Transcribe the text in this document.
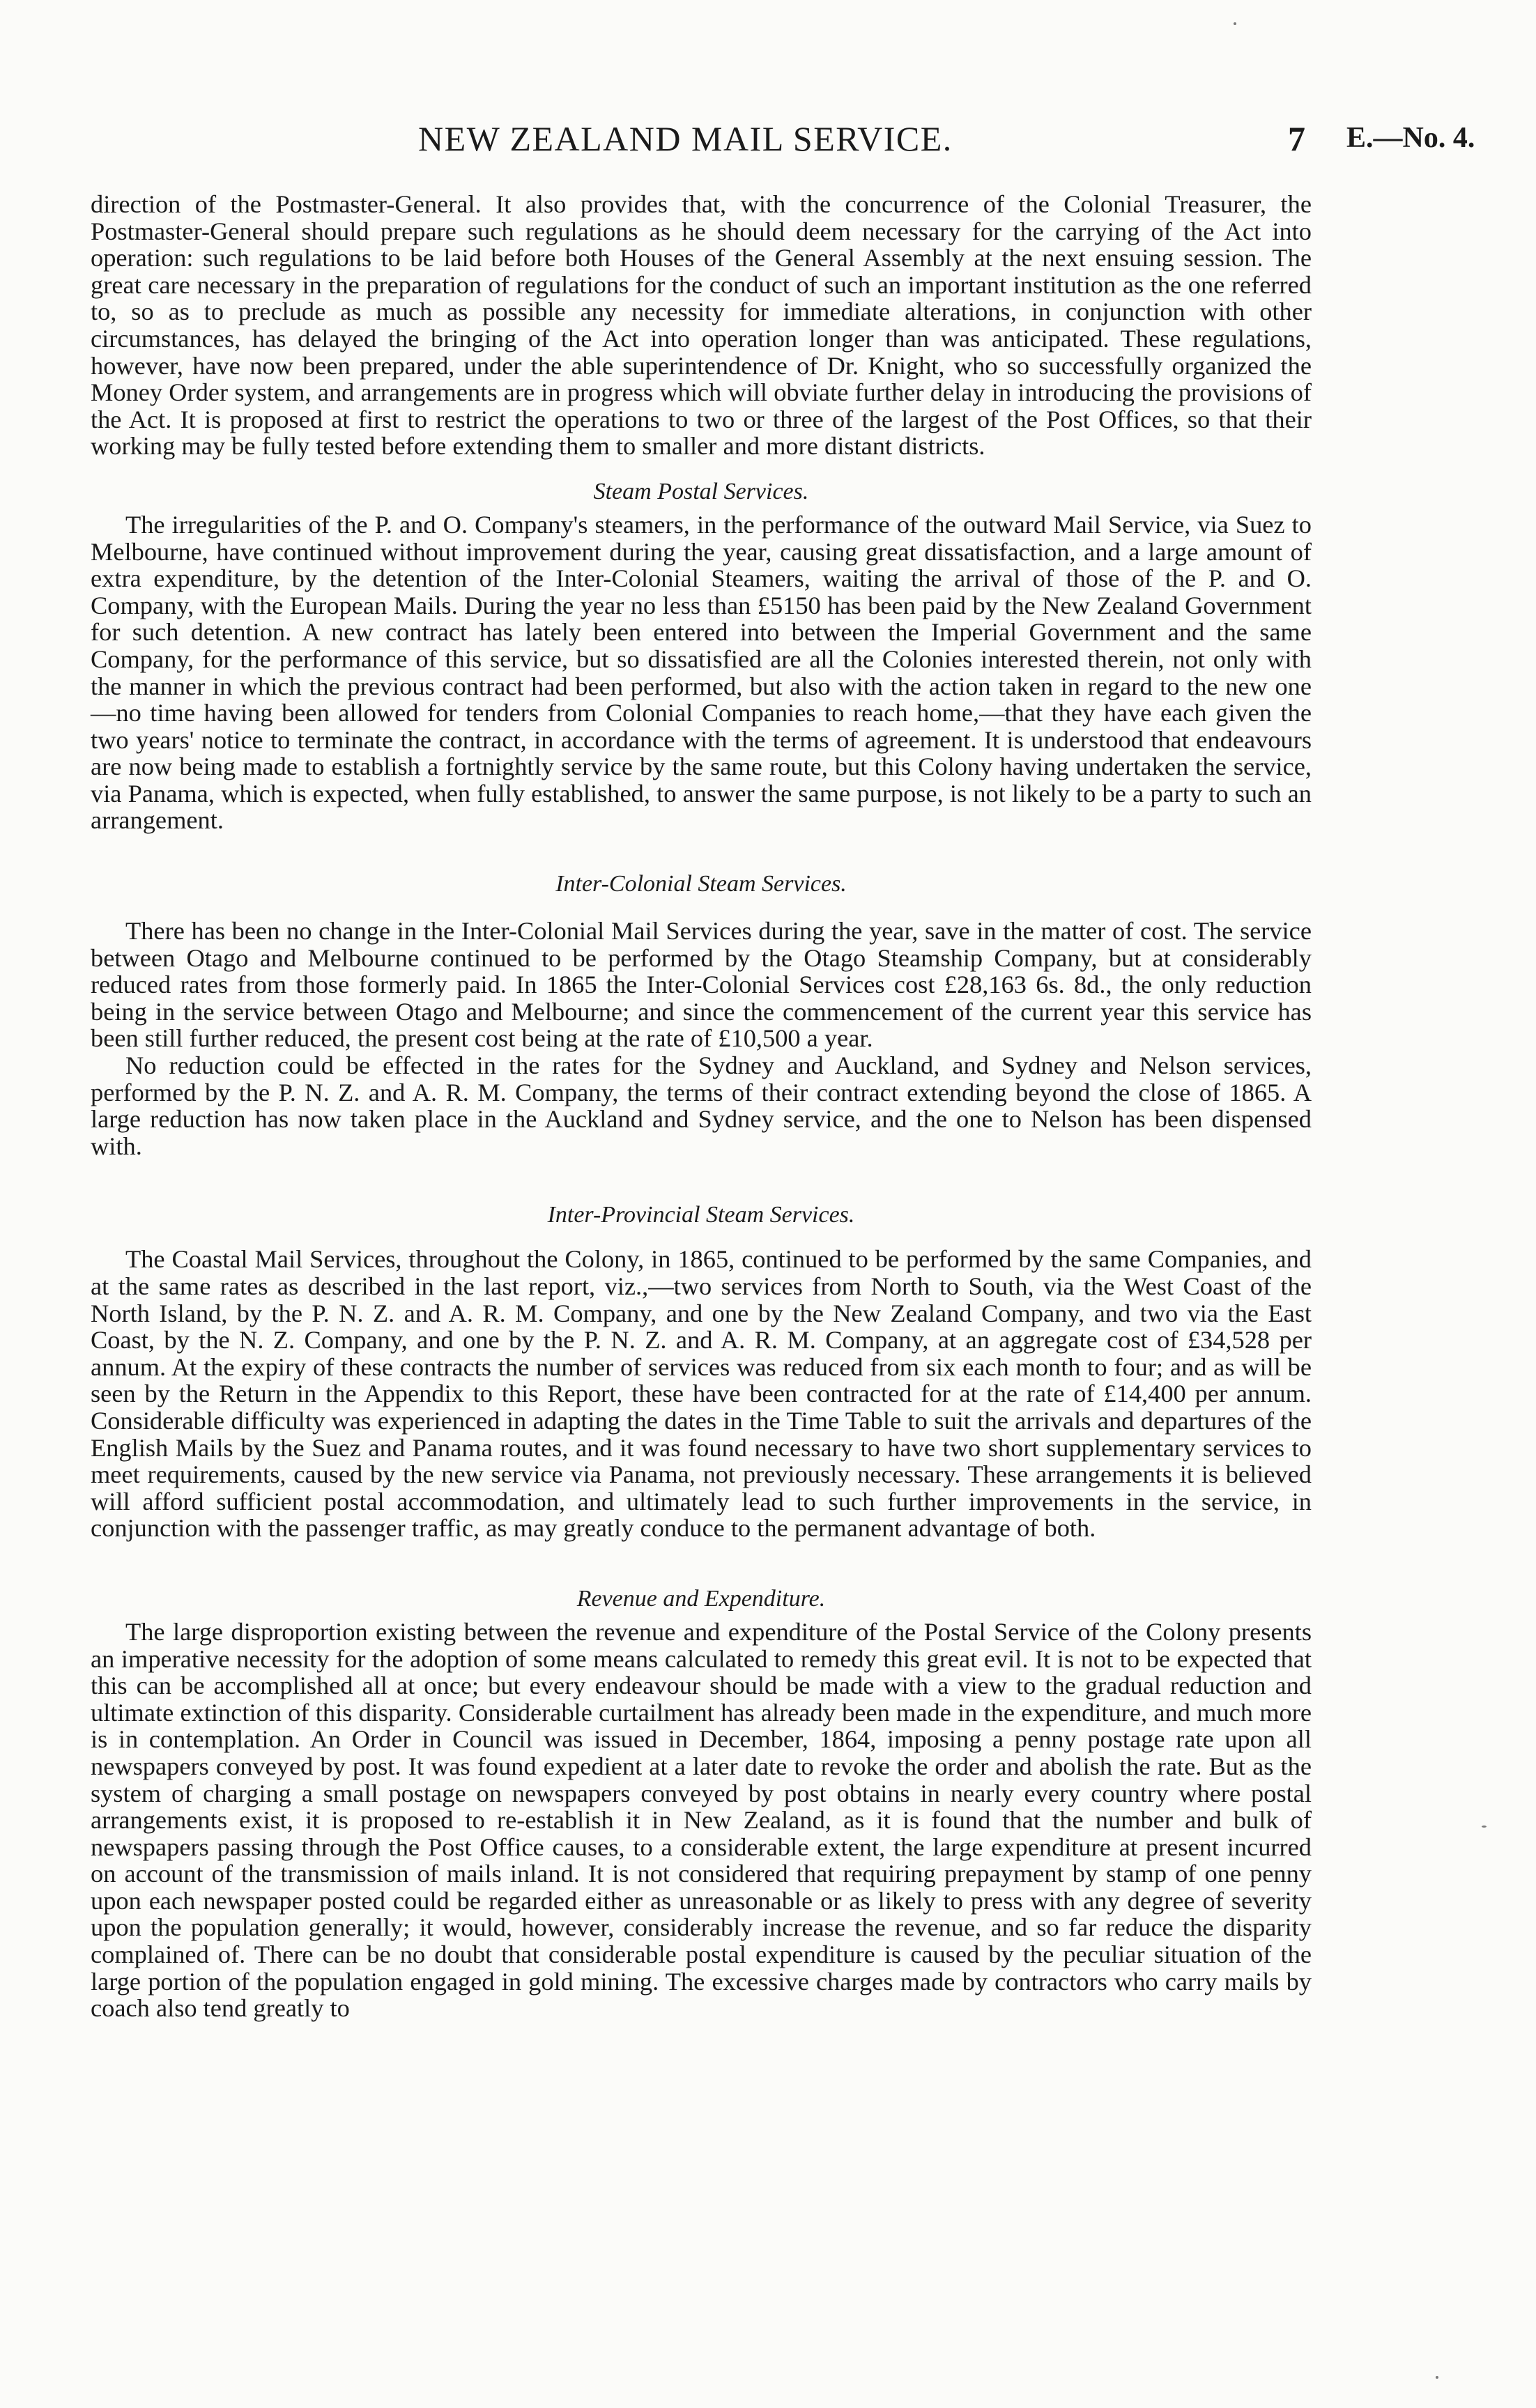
NEW ZEALAND MAIL SERVICE.	7 E.—No. 4.

direction of the Postmaster-General. It also provides that, with the concurrence of the Colonial Treasurer, the Postmaster-General should prepare such regulations as he should deem necessary for the carrying of the Act into operation: such regulations to be laid before both Houses of the General Assembly at the next ensuing session. The great care necessary in the preparation of regulations for the conduct of such an important institution as the one referred to, so as to preclude as much as possible any necessity for immediate alterations, in conjunction with other circumstances, has delayed the bringing of the Act into operation longer than was anticipated. These regulations, however, have now been prepared, under the able superintendence of Dr. Knight, who so successfully organized the Money Order system, and arrangements are in progress which will obviate further delay in introducing the provisions of the Act. It is proposed at first to restrict the operations to two or three of the largest of the Post Offices, so that their working may be fully tested before extending them to smaller and more distant districts.

Steam Postal Services.

The irregularities of the P. and O. Company's steamers, in the performance of the outward Mail Service, via Suez to Melbourne, have continued without improvement during the year, causing great dissatisfaction, and a large amount of extra expenditure, by the detention of the Inter-Colonial Steamers, waiting the arrival of those of the P. and O. Company, with the European Mails. During the year no less than £5150 has been paid by the New Zealand Government for such detention. A new contract has lately been entered into between the Imperial Government and the same Company, for the performance of this service, but so dissatisfied are all the Colonies interested therein, not only with the manner in which the previous contract had been performed, but also with the action taken in regard to the new one—no time having been allowed for tenders from Colonial Companies to reach home,—that they have each given the two years' notice to terminate the contract, in accordance with the terms of agreement. It is understood that endeavours are now being made to establish a fortnightly service by the same route, but this Colony having undertaken the service, via Panama, which is expected, when fully established, to answer the same purpose, is not likely to be a party to such an arrangement.

Inter-Colonial Steam Services.

There has been no change in the Inter-Colonial Mail Services during the year, save in the matter of cost. The service between Otago and Melbourne continued to be performed by the Otago Steamship Company, but at considerably reduced rates from those formerly paid. In 1865 the Inter-Colonial Services cost £28,163 6s. 8d., the only reduction being in the service between Otago and Melbourne; and since the commencement of the current year this service has been still further reduced, the present cost being at the rate of £10,500 a year.

No reduction could be effected in the rates for the Sydney and Auckland, and Sydney and Nelson services, performed by the P. N. Z. and A. R. M. Company, the terms of their contract extending beyond the close of 1865. A large reduction has now taken place in the Auckland and Sydney service, and the one to Nelson has been dispensed with.

Inter-Provincial Steam Services.

The Coastal Mail Services, throughout the Colony, in 1865, continued to be performed by the same Companies, and at the same rates as described in the last report, viz.,—two services from North to South, via the West Coast of the North Island, by the P. N. Z. and A. R. M. Company, and one by the New Zealand Company, and two via the East Coast, by the N. Z. Company, and one by the P. N. Z. and A. R. M. Company, at an aggregate cost of £34,528 per annum. At the expiry of these contracts the number of services was reduced from six each month to four; and as will be seen by the Return in the Appendix to this Report, these have been contracted for at the rate of £14,400 per annum. Considerable difficulty was experienced in adapting the dates in the Time Table to suit the arrivals and departures of the English Mails by the Suez and Panama routes, and it was found necessary to have two short supplementary services to meet requirements, caused by the new service via Panama, not previously necessary. These arrangements it is believed will afford sufficient postal accommodation, and ultimately lead to such further improvements in the service, in conjunction with the passenger traffic, as may greatly conduce to the permanent advantage of both.

Revenue and Expenditure.

The large disproportion existing between the revenue and expenditure of the Postal Service of the Colony presents an imperative necessity for the adoption of some means calculated to remedy this great evil. It is not to be expected that this can be accomplished all at once; but every endeavour should be made with a view to the gradual reduction and ultimate extinction of this disparity. Considerable curtailment has already been made in the expenditure, and much more is in contemplation. An Order in Council was issued in December, 1864, imposing a penny postage rate upon all newspapers conveyed by post. It was found expedient at a later date to revoke the order and abolish the rate. But as the system of charging a small postage on newspapers conveyed by post obtains in nearly every country where postal arrangements exist, it is proposed to re-establish it in New Zealand, as it is found that the number and bulk of newspapers passing through the Post Office causes, to a considerable extent, the large expenditure at present incurred on account of the transmission of mails inland. It is not considered that requiring prepayment by stamp of one penny upon each newspaper posted could be regarded either as unreasonable or as likely to press with any degree of severity upon the population generally; it would, however, considerably increase the revenue, and so far reduce the disparity complained of. There can be no doubt that considerable postal expenditure is caused by the peculiar situation of the large portion of the population engaged in gold mining. The excessive charges made by contractors who carry mails by coach also tend greatly to
